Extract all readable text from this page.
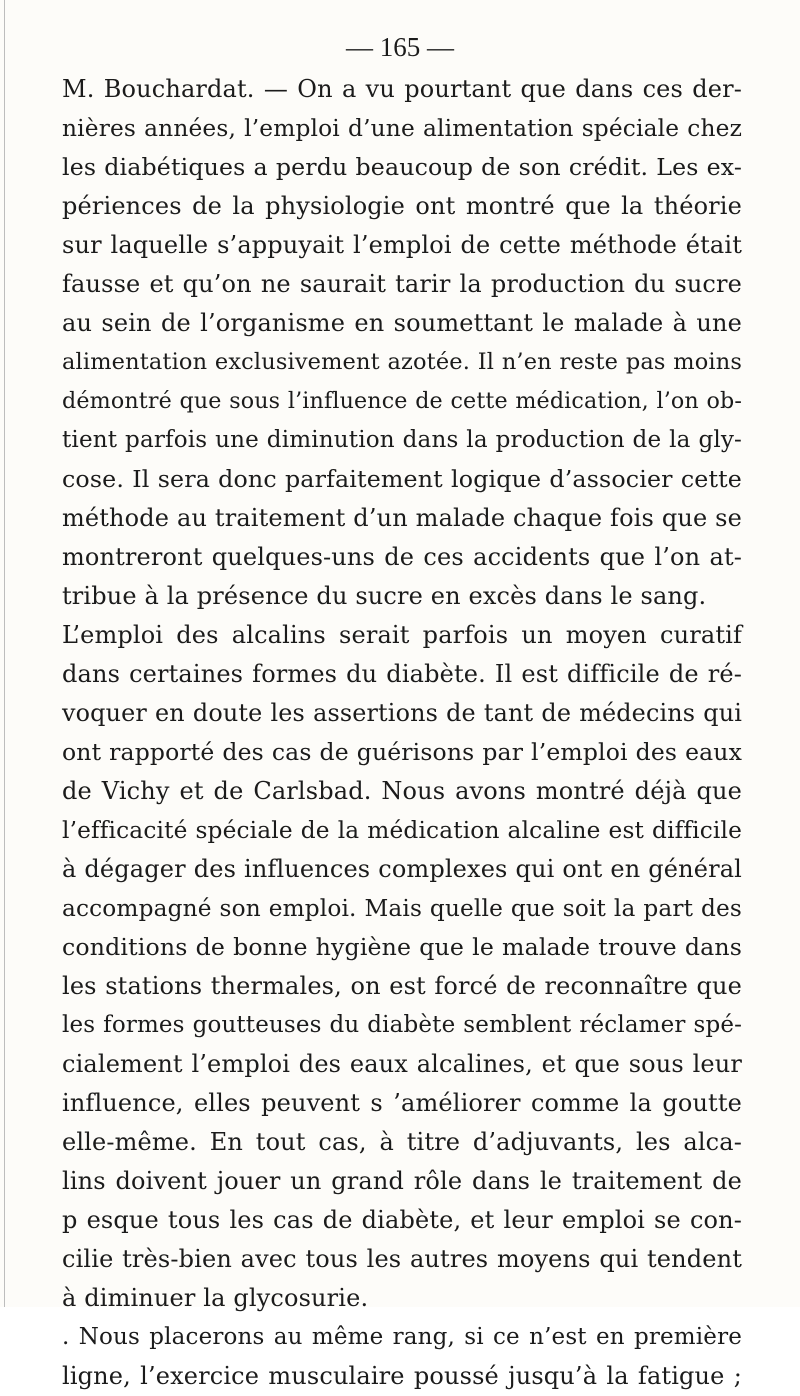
— 165 —
M. Bouchardat. — On a vu pourtant que dans ces der-
nières années, l’emploi d’une alimentation spéciale chez
les diabétiques a perdu beaucoup de son crédit. Les ex-
périences de la physiologie ont montré que la théorie
sur laquelle s’appuyait l’emploi de cette méthode était
fausse et qu’on ne saurait tarir la production du sucre
au sein de l’organisme en soumettant le malade à une
alimentation exclusivement azotée. Il n’en reste pas moins
démontré que sous l’influence de cette médication, l’on ob-
tient parfois une diminution dans la production de la gly-
cose. Il sera donc parfaitement logique d’associer cette
méthode au traitement d’un malade chaque fois que se
montreront quelques-uns de ces accidents que l’on at-
tribue à la présence du sucre en excès dans le sang.
L’emploi des alcalins serait parfois un moyen curatif
dans certaines formes du diabète. Il est difficile de ré-
voquer en doute les assertions de tant de médecins qui
ont rapporté des cas de guérisons par l’emploi des eaux
de Vichy et de Carlsbad. Nous avons montré déjà que
l’efficacité spéciale de la médication alcaline est difficile
à dégager des influences complexes qui ont en général
accompagné son emploi. Mais quelle que soit la part des
conditions de bonne hygiène que le malade trouve dans
les stations thermales, on est forcé de reconnaître que
les formes goutteuses du diabète semblent réclamer spé-
cialement l’emploi des eaux alcalines, et que sous leur
influence, elles peuvent s ’améliorer comme la goutte
elle-même. En tout cas, à titre d’adjuvants, les alca-
lins doivent jouer un grand rôle dans le traitement de
p esque tous les cas de diabète, et leur emploi se con-
cilie très-bien avec tous les autres moyens qui tendent
à diminuer la glycosurie.
. Nous placerons au même rang, si ce n’est en première
ligne, l’exercice musculaire poussé jusqu’à la fatigue ;
